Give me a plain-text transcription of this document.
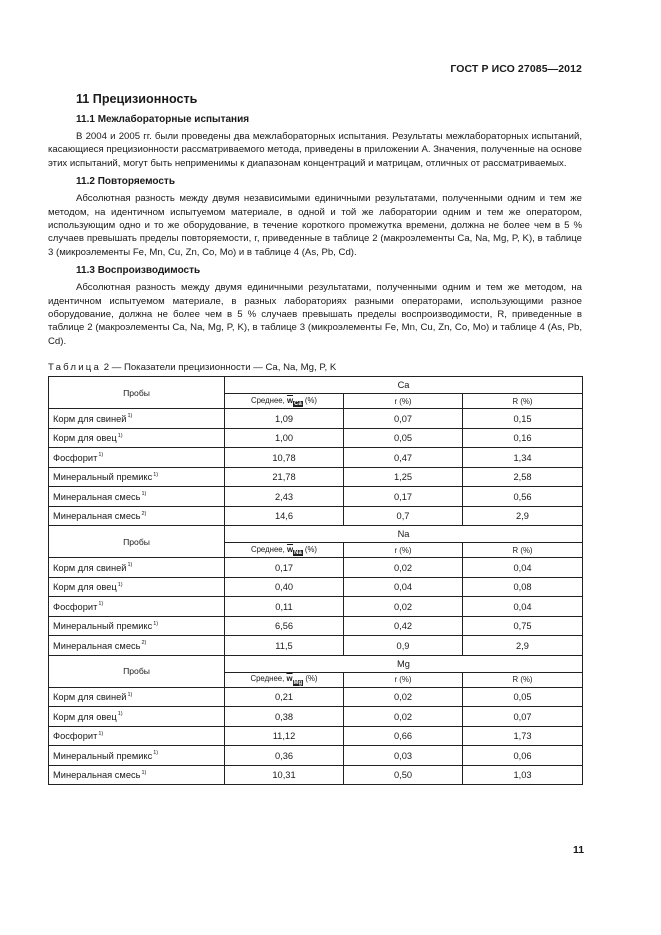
ГОСТ Р ИСО 27085—2012
11 Прецизионность
11.1 Межлабораторные испытания

В 2004 и 2005 гг. были проведены два межлабораторных испытания. Результаты межлабораторных испытаний, касающиеся прецизионности рассматриваемого метода, приведены в приложении А. Значения, полученные на основе этих испытаний, могут быть неприменимы к диапазонам концентраций и матрицам, отличных от рассматриваемых.

11.2 Повторяемость

Абсолютная разность между двумя независимыми единичными результатами, полученными одним и тем же методом, на идентичном испытуемом материале, в одной и той же лаборатории одним и тем же оператором, использующим одно и то же оборудование, в течение короткого промежутка времени, должна не более чем в 5 % случаев превышать пределы повторяемости, r, приведенные в таблице 2 (макроэлементы Ca, Na, Mg, P, K), в таблице 3 (микроэлементы Fe, Mn, Cu, Zn, Co, Mo) и в таблице 4 (As, Pb, Cd).

11.3 Воспроизводимость

Абсолютная разность между двумя единичными результатами, полученными одним и тем же методом, на идентичном испытуемом материале, в разных лабораториях разными операторами, использующими разное оборудование, должна не более чем в 5 % случаев превышать пределы воспроизводимости, R, приведенные в таблице 2 (макроэлементы Ca, Na, Mg, P, K), в таблице 3 (микроэлементы Fe, Mn, Cu, Zn, Co, Mo) и таблице 4 (As, Pb, Cd).

Таблица 2 — Показатели прецизионности — Ca, Na, Mg, P, K
Пробы	Ca		
	Среднее, $\overline{w}_{Ca}$ (%)	r (%)	R (%)
Корм для свиней$^{1)}$	1,09	0,07	0,15
Корм для овец$^{1)}$	1,00	0,05	0,16
Фосфорит$^{1)}$	10,78	0,47	1,34
Минеральный премикс$^{1)}$	21,78	1,25	2,58
Минеральная смесь$^{1)}$	2,43	0,17	0,56
Минеральная смесь$^{2)}$	14,6	0,7	2,9
Пробы	Na		
	Среднее, $\overline{w}_{Na}$ (%)	r (%)	R (%)
Корм для свиней$^{1)}$	0,17	0,02	0,04
Корм для овец$^{1)}$	0,40	0,04	0,08
Фосфорит$^{1)}$	0,11	0,02	0,04
Минеральный премикс$^{1)}$	6,56	0,42	0,75
Минеральная смесь$^{2)}$	11,5	0,9	2,9
Пробы	Mg		
	Среднее, $\overline{w}_{Mg}$ (%)	r (%)	R (%)
Корм для свиней$^{1)}$	0,21	0,02	0,05
Корм для овец$^{1)}$	0,38	0,02	0,07
Фосфорит$^{1)}$	11,12	0,66	1,73
Минеральный премикс$^{1)}$	0,36	0,03	0,06
Минеральная смесь$^{1)}$	10,31	0,50	1,03
11
